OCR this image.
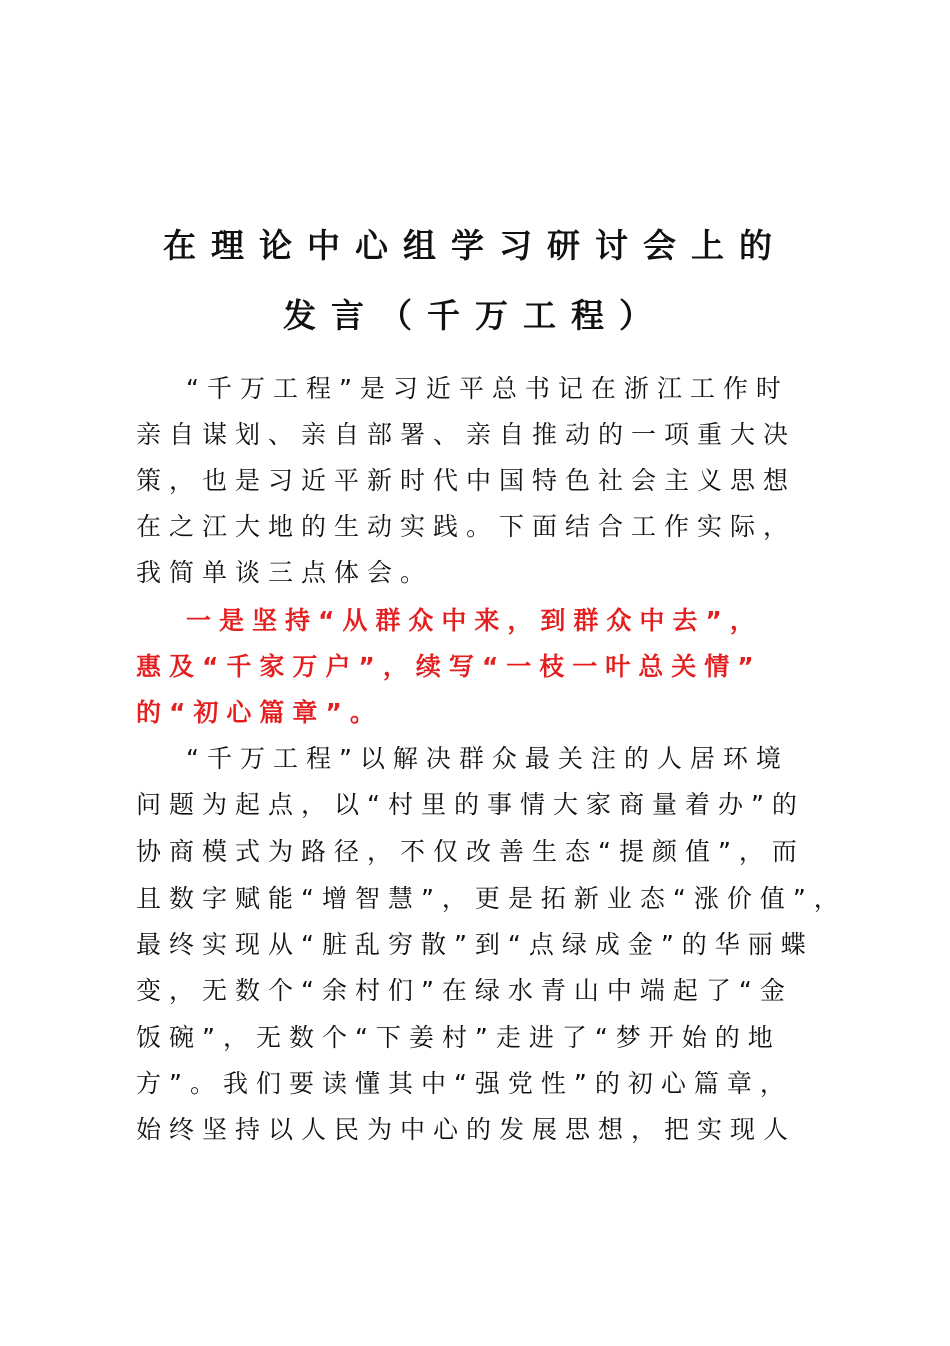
在理论中心组学习研讨会上的
发言（千万工程）
“千万工程”是习近平总书记在浙江工作时
亲自谋划、亲自部署、亲自推动的一项重大决
策，也是习近平新时代中国特色社会主义思想
在之江大地的生动实践。下面结合工作实际，
我简单谈三点体会。
一是坚持“从群众中来，到群众中去”，
惠及“千家万户”，续写“一枝一叶总关情”
的“初心篇章”。
“千万工程”以解决群众最关注的人居环境
问题为起点，以“村里的事情大家商量着办”的
协商模式为路径，不仅改善生态“提颜值”，而
且数字赋能“增智慧”，更是拓新业态“涨价值”，
最终实现从“脏乱穷散”到“点绿成金”的华丽蝶
变，无数个“余村们”在绿水青山中端起了“金
饭碗”，无数个“下姜村”走进了“梦开始的地
方”。我们要读懂其中“强党性”的初心篇章，
始终坚持以人民为中心的发展思想，把实现人
